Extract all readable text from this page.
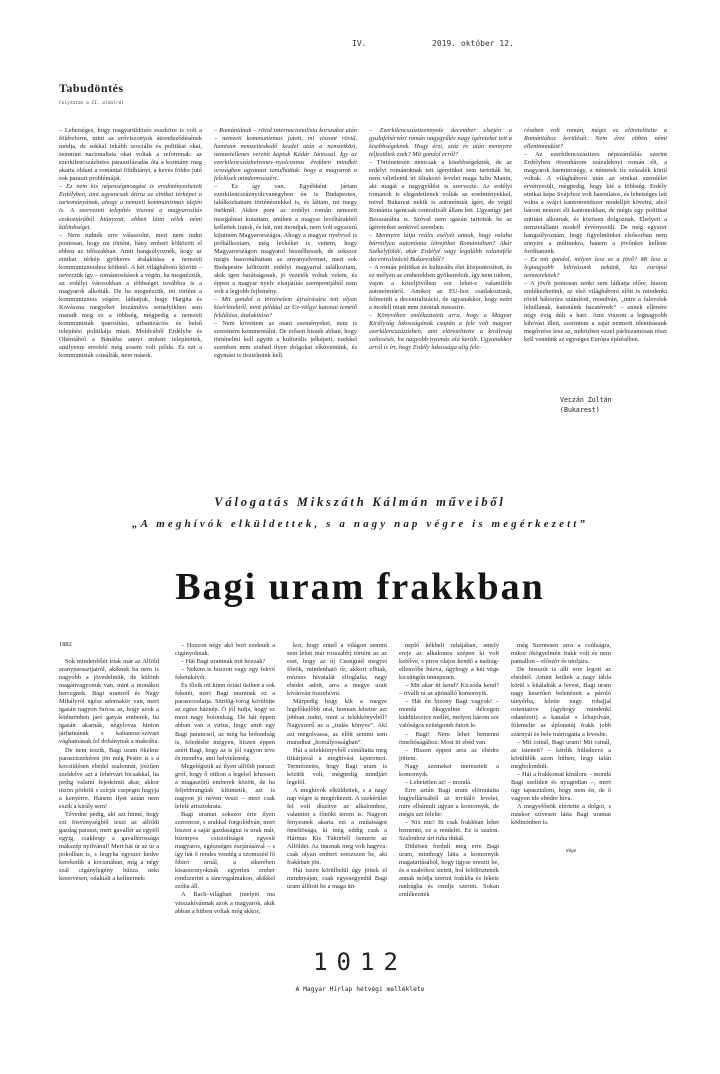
IV.	2019. október 12.
Tabudöntés
Folytatás a II. oldalról

– Lehetséges, hogy magyarüldözés esszköze is volt a földreform, mint az erőviszonyok átrendeződésének módja, de sokkal inkább szociális és politikai okai, semmint nacionalista okai voltak a reformnak: az ezerkilencszázhetes parasztlázadás óta a kormány meg akarta oldani a romániai földhiányt, a kevés földre jutó sok paraszt problémáját.

– Ez nem kis népességmozgást is eredményezhetett Erdélyben, ami ugyancsak átírta az etnikai térképet a tartományának, ahogy a nemzeti kommunizmus idején is. A szervezett telepítés viszont a magyarosítás ezskoztárából hiányzott, ebben látni vélek némi különbséget.

– Nem tudnék erre válaszolni, mert nem tudni pontosan, hogy mi történt, hány embert költözött el ebben az időszakban. Amit hangsúlyoznék, hogy az etnikai térkép gyökeres átalakítása a nemzeti kommunizmushoz köthető. A két világháború közötti – nevezzük így – romániosítások a végén, ha megnézzük, az erdélyi városokban a többséget továbbra is a magyarok alkották. De ha megnézzük, mi történt a kommunizmus végére, láthatjuk, hogy Hargita és Kovászna megyéket leszámítva semelyikben sem maradt meg ez a többség, mégpedig a nemzeti kommunisták iparosítási, urbanizációs és belső telepítési politikája miatt. Moldvából Erdélybe és Olténiából a Bánátba annyi embert telepítettek, amilyenre errefelé még sosem volt példa. És ezt a kommunisták csinálták, nem mások.

– Romániának – rövid internacionalista korszakot után – nemzeti kommunizmus jutott, mi viszont rövid, hamisan nemzetieskedő kezdet után a nemzetközi, nemzetellenes verziót kaptuk Kádár Jánossal. Így az ezerkilencszázhetvenes–nyolcvanas években mindkét országban ugyanazt tanulhattuk: hogy a magyarok a felelősek mindenrosszért.

– Ez így van. Egyébként jártam ezerkilencszáznyolcvanegyben én is Budapesten, találkozhattam történészekkel is, és láttam, mi megy önöknél. Akkor pont az erdélyi román nemzeti mozgalmat kutattam, amiben a magyar levéltárakból kellettek iratok, és hát, mit mondjak, nem volt egyszerű kijutnom Magyarországra. Ahogy a magyar nyelvvel is próbálkoztam, még leckéket is vettem, hogy Magyarországon magyarul beszélhessek, de sokszor mégis haszonáltattam az anyanyelvemet, mert sok Budapestre költözött erdélyi magyarral találkoztam, akik igen barátságosak, jó vezetők voltak velem, és éppen a magyar nyelv elsajátítás szempontjából nem volt a legjobb fejlemény.

– Mit gondol a történelem újraírására tett olyan kísérletekről, mint például az Uz-völgyi katonai temető feldúlása, átalakítása?

– Nem követtem az otani eseményeket, nem is szeretném kommentálni. De erősen hiszek abban, hogy történelmi kell együtt a kulturális jelképeit, ezekkel szemben nem szabad ilyen dolgokat elkövetnünk, és egymást is tisztelnünk kell.

– Ezerkilencszáztizennyole december elsején a gyulafehérvári román nagygyűlés nagy ígéreteket tett a kisebbségeknek. Hogy érzi, száz év után mennyire teljesültek ezek? Mit gondol erről?

– Történetesen nemcsak a kisebbségeknek, de az erdélyi románoknak tett ígéretüket sem tartották be, nem véletlenül írt tiltakozó levelet maga Iuliu Maniu, aki magát a nagygyűlést is szervezte. Az erdélyi románok is elégedetlenek voltak az eredményekkel, mivel Bukarest nekik is autonómiát ígért, de végül Románia igencsak centralizált állam lett. Ugyanígy járt Besszarábia is. Szóval nem igazán tartották be az ígéreteiket senkivel szemben.

– Mennyire látja reális esélyét annak, hogy valaha bármilyen autonómia létrejöhet Romániában? Akár Székelyföldé, akár Erdélyé vagy legalább valamiféle decentralizáció Bukarestből?

– A román politikai és kulturális élet központosított, és ez mélyen az emberekben gyökeredzik, így nem tudom, vajon a közeljövőben sor lehet-e valamiféle autonómiáról. Amikor az EU-hoz csatlakoztunk, felmerült a decentralizáció, de ugyanakkor, hogy ezért a modell miatt nem jutottak messzire.

– Könyvében emlékeztetett arra, hogy a Magyar Királyság lakosságának csupán a fele volt magyar ezerkilencszáztízben, ami elöretelitette a királyság szétesését, ha nagyobb nyomás alá került. Ugyanakkor arról is írt, hogy Erdély lakossága alig fele-

részben volt román, mégis ez elöretelitette a Romániához kerülését. Nem érez ebben némi ellentmondást?

– Az ezerkilencszáztizes népszámlálás szerint Erdélyben ötvenhárom százaléknyi román élt, a magyarok harmincnégy, a németek tíz százalék körül voltak. A világháború után az etnikai szemlélet érvényesült, mégpedig, hogy kié a többség. Erdély etnikai képe Svájchoz volt hasonlatos, és lehetséges lett volna a svájci kantonrendszer modelljét követni, ahol három nemzet élt kantonokban, de mégis egy politikai entitást alkotnak, és közösen dolgoznak. Ehelyett a nemzetállami modell érvényesült. De még egyszer hangsúlyoznám, hogy figyelmünket elsősorban nem ennyire a múltunkra, hanem a jövőnkre kellene fordítanunk.

– Ez mit gondol, milyen lesz ez a jövő? Mi lesz a legnagyobb kihívásunk nekünk, kis európai nemzeteknek?

– A jövőt pontosan senki sem láthatja előre, hiszen emlékezhetünk, az első világháború előtt is mindenki rövid háborúra számított, mondván, „mire a falevelek lehullanak, katonáink hazatérnek” – ennek ellenére négy évig dúlt a harc. Ami viszont a legnagyobb kihívást illeti, szerintem a saját nemzeti identitásunk megőrzése lesz az, miközben ezzel párhuzamosan részt kell vennünk az egységes Európa építésében.

Veczán Zoltán
(Bukarest)
Válogatás Mikszáth Kálmán műveiből
„A meghívók elküldettek, s a nagy nap végre is megérkezett”
Bagi uram frakkban
1882

Sok mindenfélét írtak már az Alföld aranyparasztjairól, akiknek ha nem is nagyobb a jövedelmük, de különb magánvagyonuk van, mint a monákoi hercegnek. Bagi uramról és Nagy Mihályról egész adomakör van, mert igazán nagyon furcsa az, hogy azok a ködmönben járó gatyás emberek, ha igazán akarnák, négylovas hinton járhatnának s kabanosz-szivart vághatnának fel dohánynak a makrába.

De nem teszik, Bagi uram ökelme parasztszekéren jön még Pestre is s a kocsiülésen ebédel szalonnát, jóízűen szeldelve azt a fehérvári bicsakkal, ha pedig valami fejedelmit akar, akkor tüzön pörköli s zsírját csepegni hagyja a kenyérre. Hanem ilyet aztán nem eszik a király sem!

Tévedne pedig, aki azt hinné, hogy ezt fösvénységből teszi az alföldi gazdag paraszt, mert gavallér az egytől egyig, csakhogy a gavallérossága mákszép nyilvánul! Mert hát úr az úr a pokolban is, s hogyha egyszer kedve kerekedik a kocsmában, míg a négy szál cigánylegény húzza neki keservesen, odakiált a kellnernek:

– Hozzon négy akó bort ezeknek a cigányoknak.

– Hát Bagi uramnak mit hozzak?

– Nekem is hozzon vagy egy fekvő feketekávét.

És főzik ott künn óriási üstben a sok feketét, mert Bagi uramnak ez a paraszcsolatja. Süröög-forog körülötte az egész háznép. Ó jól tudja, hogy ez most nagy bolondság. De hát éppen abban van a virtus, hogy amit egy Bagi parancsol, az még ha bolondság is, feledésbe mégyen, hiszen éppen azért Bagi, hogy az is jól vagyon téve és mondva, ami helytelenség.

Megelégszik az ilyen alföldi paraszt gróf, hogy ő otthon a legelső lehessen a magaszőrű emberek között, de ha feljebbrangúak kitüntetik, azt is nagyon jó néven veszi – mert csak lefelé arisztokrata.

Bagi uramat sokszor érte ilyen szerencse, s urakkal forgolódván, mert hiszen a saját gazdaságtai is urak már, bizonyos csiszoltságot egyesít magyaros, egészséges észjárásával – s így hát ő rendes vendég a szomszéd fő fibiró úrnál, a sikerében kisasszonyoknak egyetlen ember rendszerint a táncvigalmakon, akikkel szóba áll.

A Bach–világban (melyet ma visszakívánnak azok a magyarok, akik abban a hitben voltak még akkor,

kor, hogy ennél a világon semmi sem lehet már rosszabb) történt az az eset, hogy az új Csongrád megyei főnök, mindenható úr, akkori efhiak, mózses hivatalát elfoglalta, nagy ebédet adott, arra a megye urait kivánván összehívni.

Márpedig hogy kik a megye legelőkelőbb urai, honnan lehetne azt jobban tudni, mint a telekkönyvből? Nagyszerű az a „tudás könyve”. Aki azt megolvassa, az előtt semmi sem maradhat „homályosságban”.

Hát a telekkönyvből csináltatta meg titkárjával a meghívási lajstromot. Természetes, hogy Bagi uram is közütk volt, mégpedig mindjárt legelöl.

A meghívók elküldettek, s a nagy nap végre is megérkezett. A szekérület fel volt díszítve az alkalomhoz, valamint a főnöki terem is. Nagyon fényesnek akarta ezt a mulatságot ömeltösága, ki még eddig csak a Hármas Kis Tükörből ösmerte az Alföldet. Az inasnak meg volt hagyva: csak olyan embert ereszszen be, aki frakkban jön.

Hát iszen körülbelül úgy jöttek el mindnyájan, csak egyesegyedül Bagi uram állított be a maga ün-

neplő kékbeli ruhájában, amely ereje az alkalomra szépen ki volt kefélve, s piros olajos kendő a nadrág-ellenzőbe húzva, úgyhogy a két vége kicsüngőn ünnepesen.

– Mit akar itt kend? Kicsoda kend? – rivallt rá az ajtónálló komornyik.

– Hát én bizony Bagi vagyok! – mondá ökegyelme délcegen kiddülesztve mellét, melyen három sor valóságos ezüstgomb futott le.

– Bagi! Nem lehet bemenni ömeltóságához. Most itt ebéd van.

– Hiszen éppen arra az ebédre jöttem.

Nagy szemeket meresztett a komornyik.

– Lehetetlen az! – mondá.

Erre aztán Bagi uram elömutatta bugyellárisából az invitáló levelet, mire elbámult ugyan a komornyik, de mégis azt felelte:

– Nix nuc! Itt csak frakkban lehet bemenni, ez a rendelet. Ez is szalon. Szalonhoz úri ruha dukál.

Dühösen fordult meg erre Bagi uram, minthogy látta a komornyik magatartásából, hogy ügyse ereszti be, és a szabóhoz sietett, hol felöltöztették annak módja szerint frakkba és fekete nadrágba és rendje szerint. Sokan emlékeznek

még Szentesen arra a csúfságra, mikor ökögyelmén frakk volt és nem pantallon – először és utoljára.

De bosszút is állt erre legott az ebédnél. Amint leültek a nagy tábla körül s kitálalták a levest, Bagi uram nagy keserűen belenézett a pároló tányérba, lelette nagy rohajjal ostentative (úgyhogy mindenki odanézett) a kanalat s lehajolván, fölemelte az újdonatúj frakk jobb szárnyát és bele mártogatta a levesbe.

– Mit csinál, Bagi uram! Mit csinál, az isteneit? – kérdik hüledezve a körülülők azon hitben, hogy talán megbolondult.

– Hát a frakkomat kínálom – mondá Bagi szeliden és nyugodtan –, mert úgy tapasztalom, hogy nem én, de ő vagyon ide ebédre híva.

A megyefőnök elértette a dolgot, s máskor szívesen látta Bagi uramat ködmönben is.

Vége
1012
A Magyar Hírlap hétvégi melléklete
